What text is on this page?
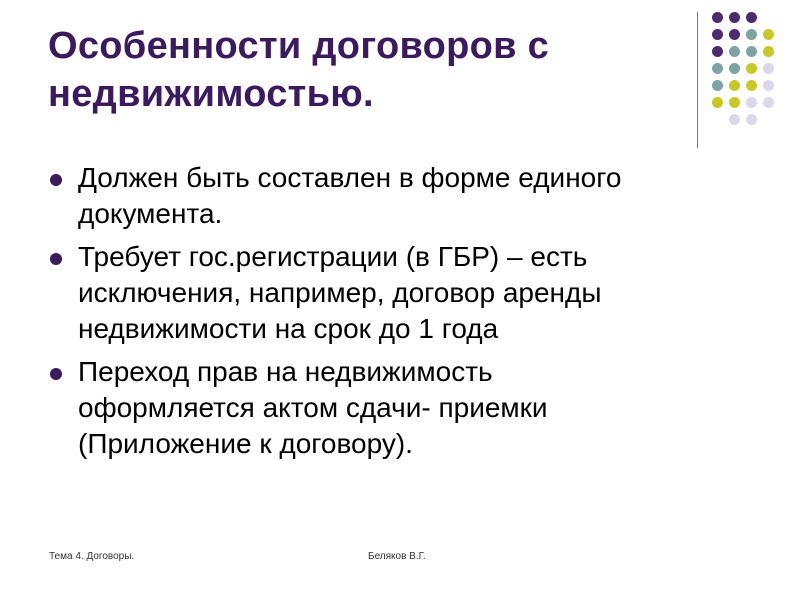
Особенности договоров с
недвижимостью.
Должен быть составлен в форме единого
документа.
Требует гос.регистрации (в ГБР) – есть
исключения, например, договор аренды
недвижимости на срок до 1 года
Переход прав на недвижимость
оформляется актом сдачи- приемки
(Приложение к договору).
Тема 4. Договоры.	Беляков В.Г.
